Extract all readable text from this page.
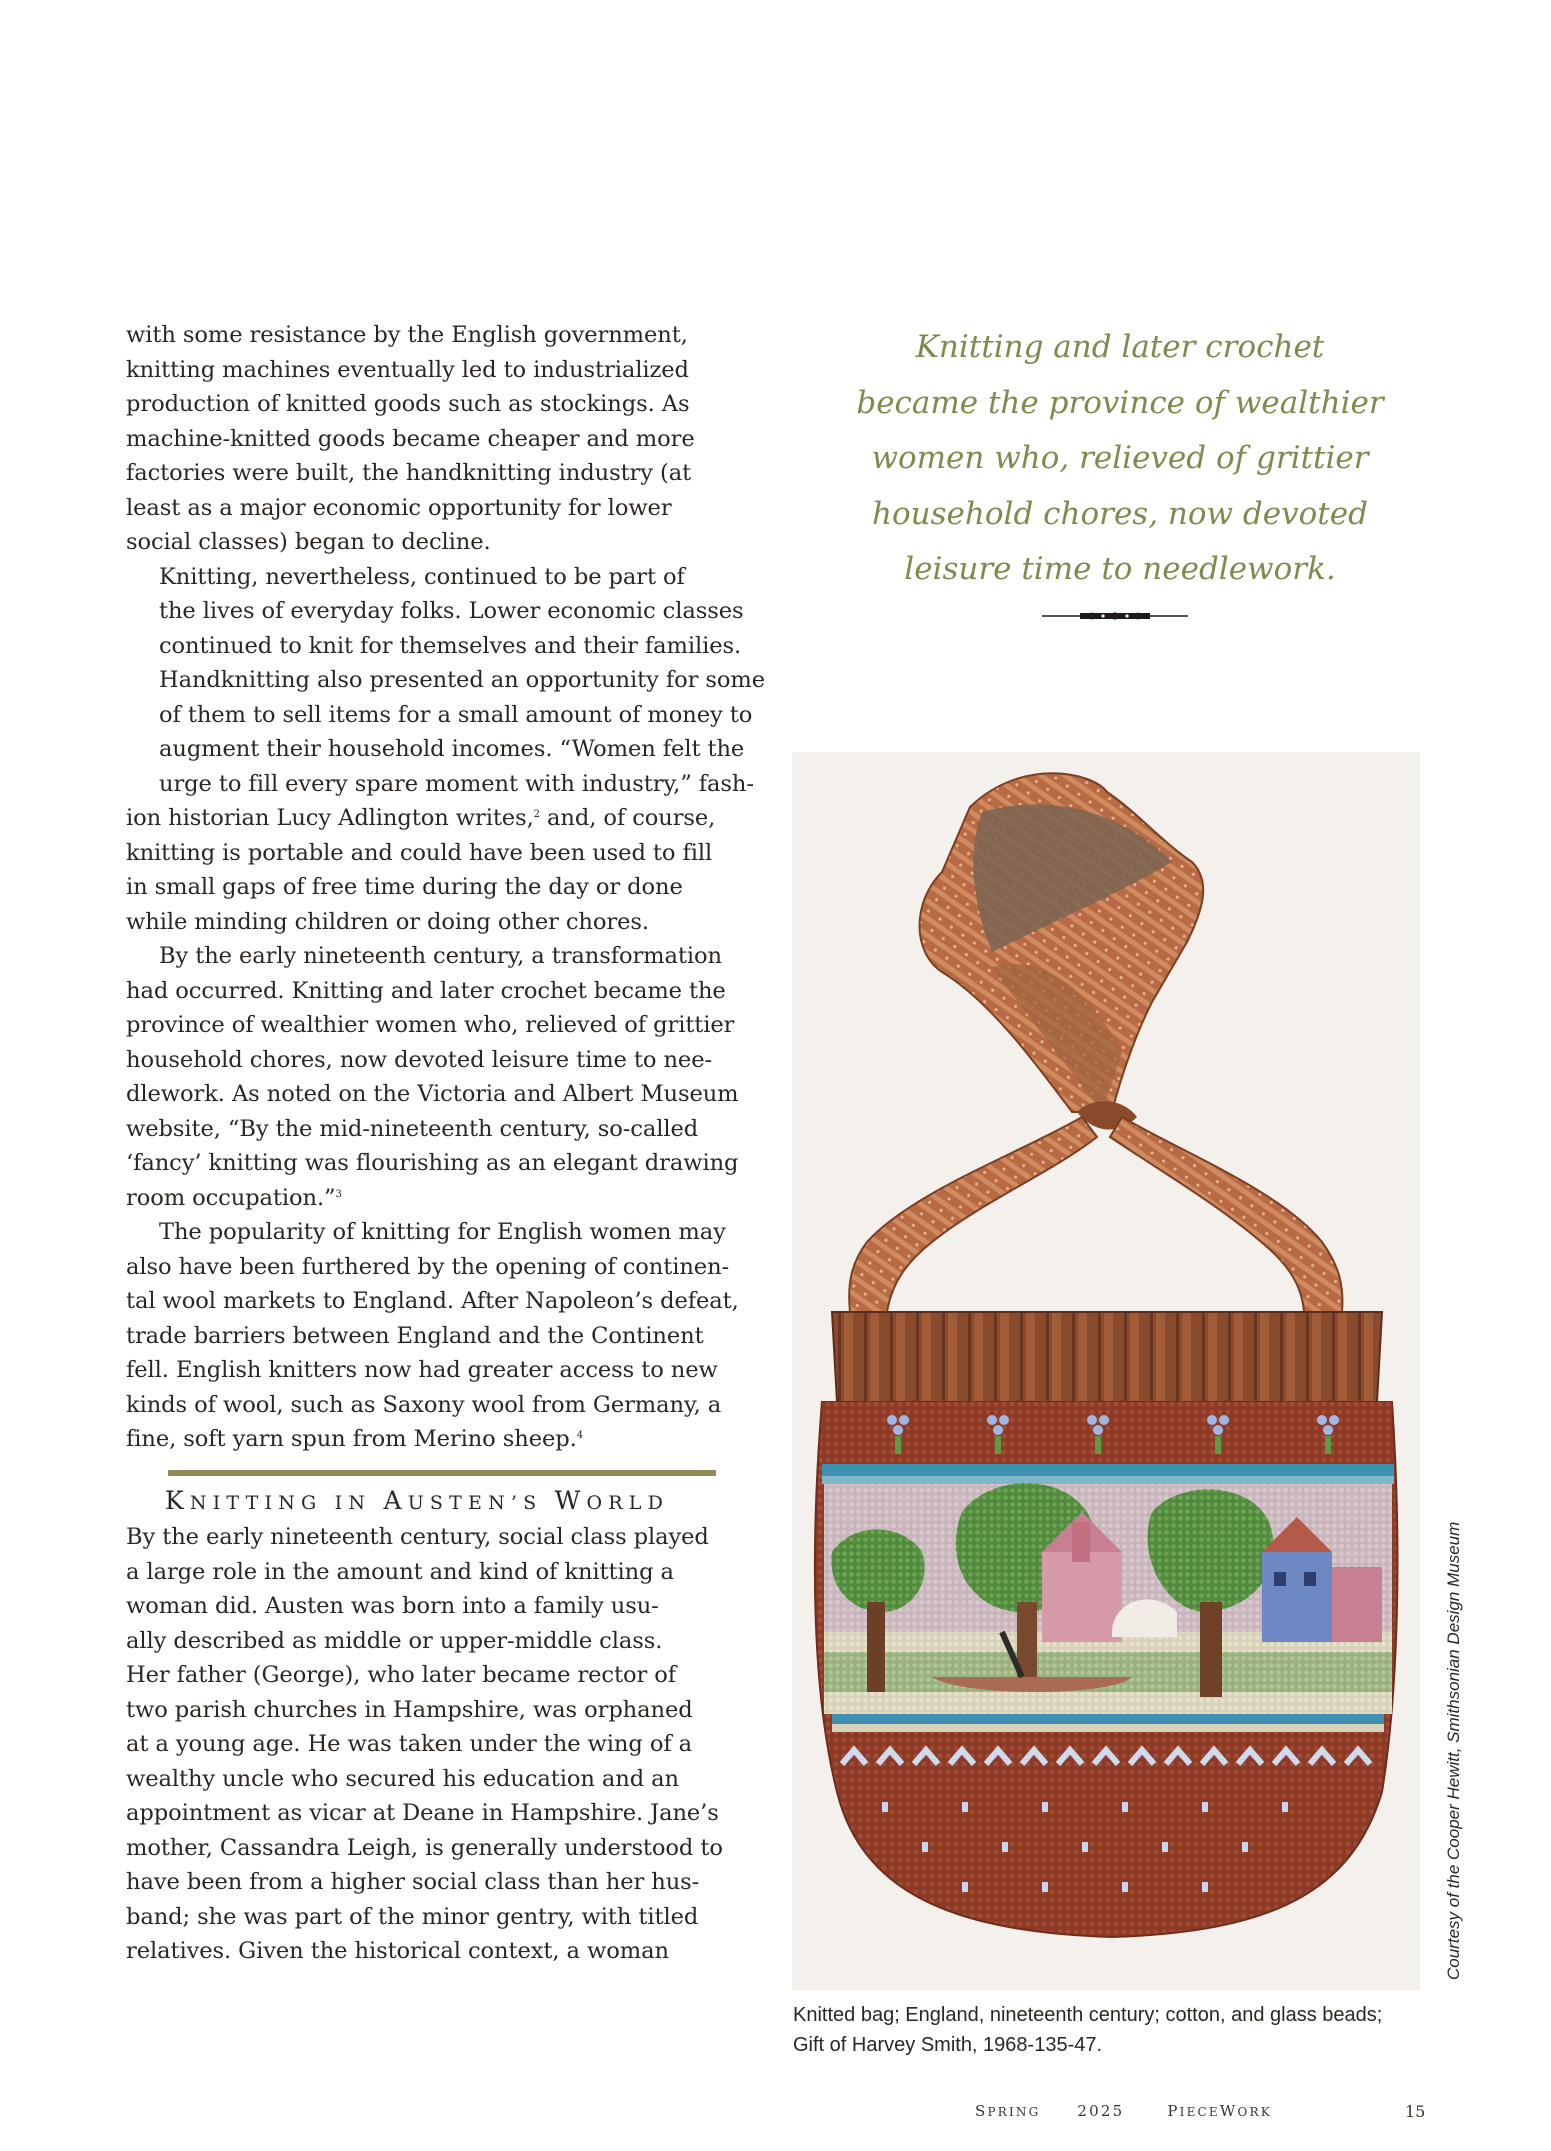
with some resistance by the English government,
knitting machines eventually led to industrialized
production of knitted goods such as stockings. As
machine-knitted goods became cheaper and more
factories were built, the handknitting industry (at
least as a major economic opportunity for lower
social classes) began to decline.

Knitting, nevertheless, continued to be part of
the lives of everyday folks. Lower economic classes
continued to knit for themselves and their families.
Handknitting also presented an opportunity for some
of them to sell items for a small amount of money to
augment their household incomes. “Women felt the
urge to fill every spare moment with industry,” fash-
ion historian Lucy Adlington writes,$^2$ and, of course,
knitting is portable and could have been used to fill
in small gaps of free time during the day or done
while minding children or doing other chores.

By the early nineteenth century, a transformation
had occurred. Knitting and later crochet became the
province of wealthier women who, relieved of grittier
household chores, now devoted leisure time to nee-
dlework. As noted on the Victoria and Albert Museum
website, “By the mid-nineteenth century, so-called
‘fancy’ knitting was flourishing as an elegant drawing
room occupation.”$^3$

The popularity of knitting for English women may
also have been furthered by the opening of continen-
tal wool markets to England. After Napoleon’s defeat,
trade barriers between England and the Continent
fell. English knitters now had greater access to new
kinds of wool, such as Saxony wool from Germany, a
fine, soft yarn spun from Merino sheep.$^4$

KNITTING IN AUSTEN’S WORLD

By the early nineteenth century, social class played
a large role in the amount and kind of knitting a
woman did. Austen was born into a family usu-
ally described as middle or upper-middle class.
Her father (George), who later became rector of
two parish churches in Hampshire, was orphaned
at a young age. He was taken under the wing of a
wealthy uncle who secured his education and an
appointment as vicar at Deane in Hampshire. Jane’s
mother, Cassandra Leigh, is generally understood to
have been from a higher social class than her hus-
band; she was part of the minor gentry, with titled
relatives. Given the historical context, a woman

Knitting and later crochet
became the province of wealthier
women who, relieved of grittier
household chores, now devoted
leisure time to needlework.
Courtesy of the Cooper Hewitt, Smithsonian Design Museum
Knitted bag; England, nineteenth century; cotton, and glass beads;
Gift of Harvey Smith, 1968-135-47.
SPRING 2025	PIECEWORK	15
